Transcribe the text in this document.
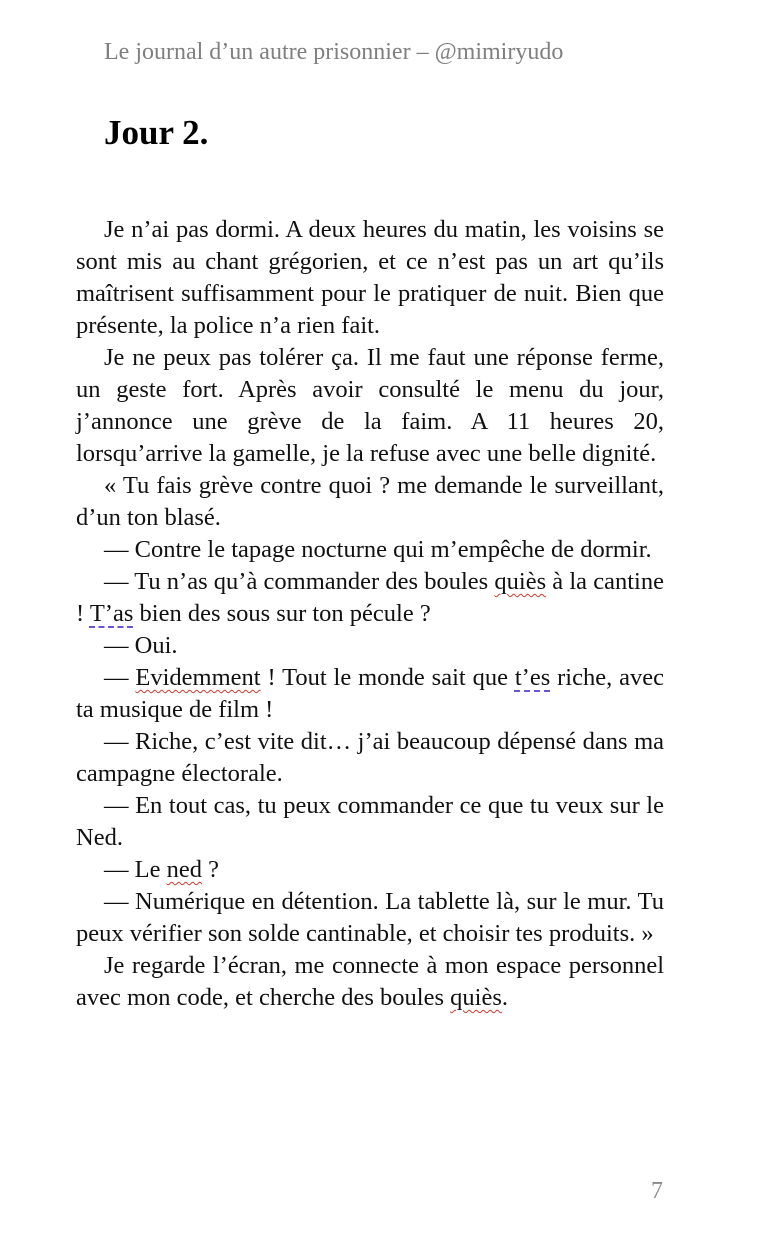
Le journal d’un autre prisonnier – @mimiryudo
Jour 2.

Je n’ai pas dormi. A deux heures du matin, les voisins se sont mis au chant grégorien, et ce n’est pas un art qu’ils maîtrisent suffisamment pour le pratiquer de nuit. Bien que présente, la police n’a rien fait.

Je ne peux pas tolérer ça. Il me faut une réponse ferme, un geste fort. Après avoir consulté le menu du jour, j’annonce une grève de la faim. A 11 heures 20, lorsqu’arrive la gamelle, je la refuse avec une belle dignité.

« Tu fais grève contre quoi ? me demande le surveillant, d’un ton blasé.

— Contre le tapage nocturne qui m’empêche de dormir.

— Tu n’as qu’à commander des boules quiès à la cantine ! T’as bien des sous sur ton pécule ?

— Oui.

— Evidemment ! Tout le monde sait que t’es riche, avec ta musique de film !

— Riche, c’est vite dit… j’ai beaucoup dépensé dans ma campagne électorale.

— En tout cas, tu peux commander ce que tu veux sur le Ned.

— Le ned ?

— Numérique en détention. La tablette là, sur le mur. Tu peux vérifier son solde cantinable, et choisir tes produits. »

Je regarde l’écran, me connecte à mon espace personnel avec mon code, et cherche des boules quiès.

7
